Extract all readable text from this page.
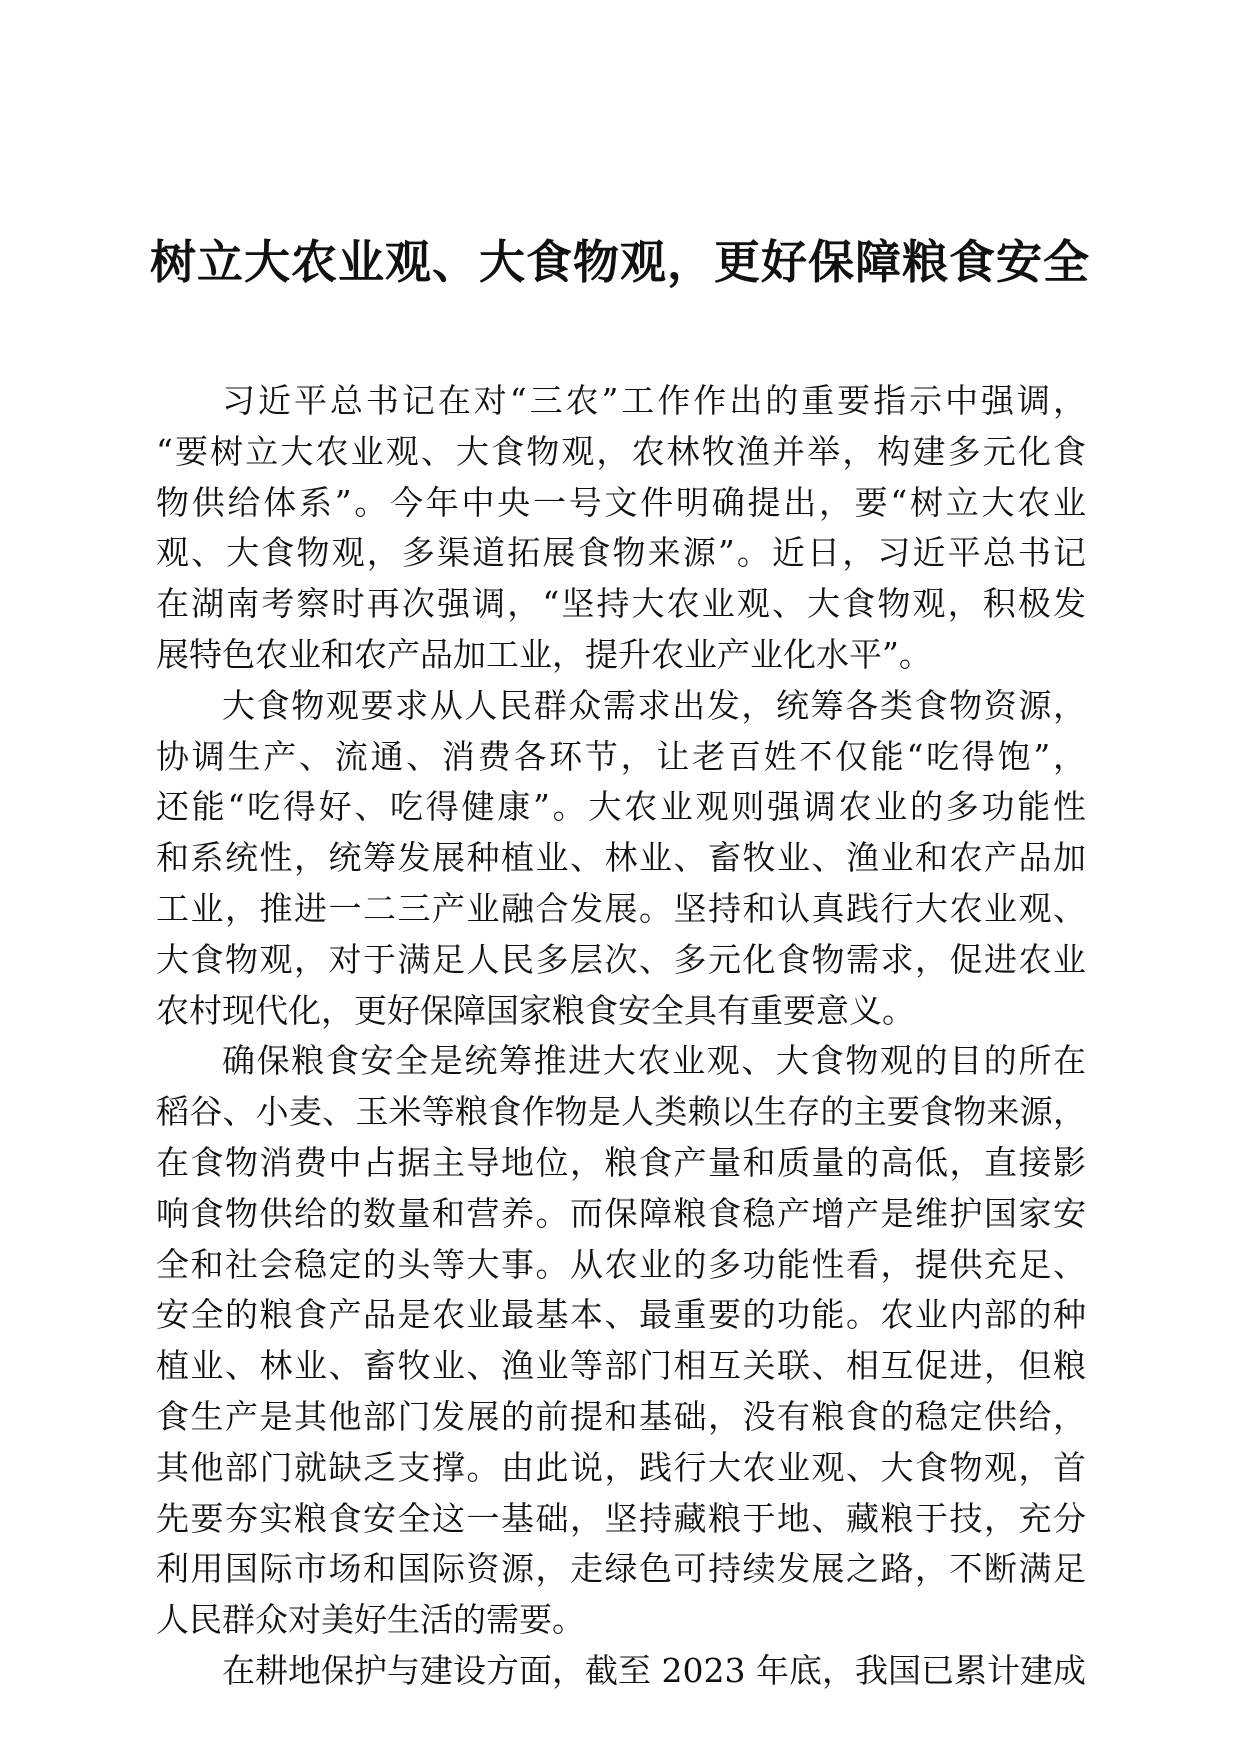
树立大农业观、大食物观，更好保障粮食安全
习近平总书记在对“三农”工作作出的重要指示中强调，
“要树立大农业观、大食物观，农林牧渔并举，构建多元化食
物供给体系”。今年中央一号文件明确提出，要“树立大农业
观、大食物观，多渠道拓展食物来源”。近日，习近平总书记
在湖南考察时再次强调，“坚持大农业观、大食物观，积极发
展特色农业和农产品加工业，提升农业产业化水平”。
大食物观要求从人民群众需求出发，统筹各类食物资源，
协调生产、流通、消费各环节，让老百姓不仅能“吃得饱”，
还能“吃得好、吃得健康”。大农业观则强调农业的多功能性
和系统性，统筹发展种植业、林业、畜牧业、渔业和农产品加
工业，推进一二三产业融合发展。坚持和认真践行大农业观、
大食物观，对于满足人民多层次、多元化食物需求，促进农业
农村现代化，更好保障国家粮食安全具有重要意义。
确保粮食安全是统筹推进大农业观、大食物观的目的所在
稻谷、小麦、玉米等粮食作物是人类赖以生存的主要食物来源，
在食物消费中占据主导地位，粮食产量和质量的高低，直接影
响食物供给的数量和营养。而保障粮食稳产增产是维护国家安
全和社会稳定的头等大事。从农业的多功能性看，提供充足、
安全的粮食产品是农业最基本、最重要的功能。农业内部的种
植业、林业、畜牧业、渔业等部门相互关联、相互促进，但粮
食生产是其他部门发展的前提和基础，没有粮食的稳定供给，
其他部门就缺乏支撑。由此说，践行大农业观、大食物观，首
先要夯实粮食安全这一基础，坚持藏粮于地、藏粮于技，充分
利用国际市场和国际资源，走绿色可持续发展之路，不断满足
人民群众对美好生活的需要。
在耕地保护与建设方面，截至 2023 年底，我国已累计建成
